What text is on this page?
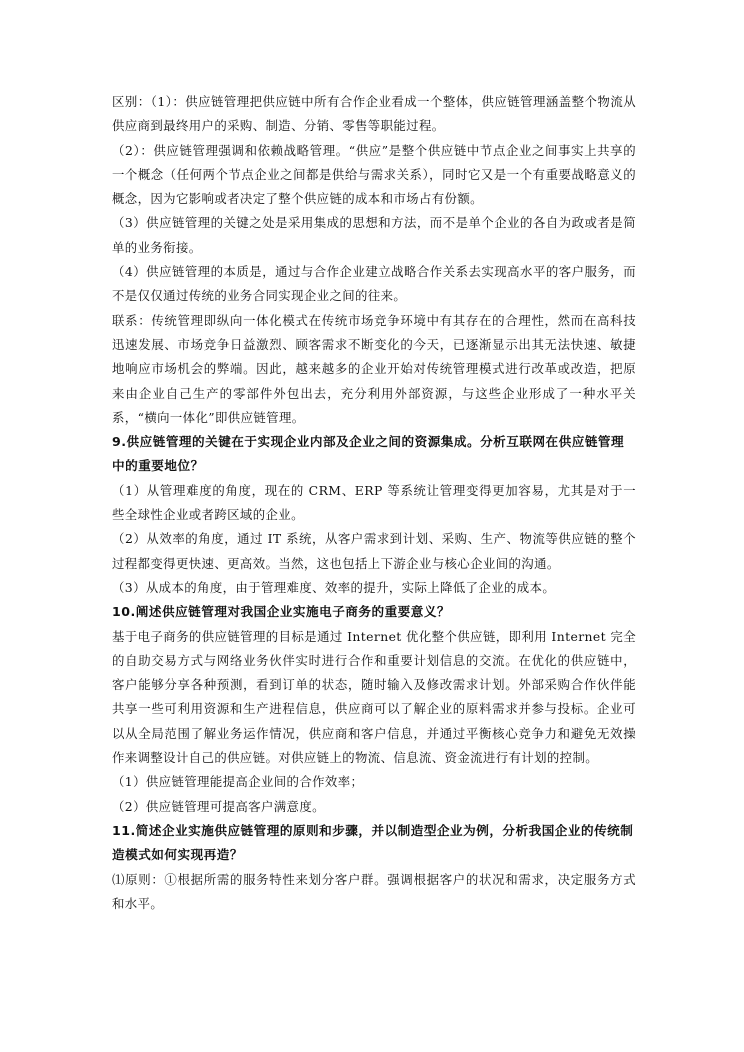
区别：（1）：供应链管理把供应链中所有合作企业看成一个整体，供应链管理涵盖整个物流从供应商到最终用户的采购、制造、分销、零售等职能过程。

（2）：供应链管理强调和依赖战略管理。“供应”是整个供应链中节点企业之间事实上共享的一个概念（任何两个节点企业之间都是供给与需求关系），同时它又是一个有重要战略意义的概念，因为它影响或者决定了整个供应链的成本和市场占有份额。

（3）供应链管理的关键之处是采用集成的思想和方法，而不是单个企业的各自为政或者是简单的业务衔接。

（4）供应链管理的本质是，通过与合作企业建立战略合作关系去实现高水平的客户服务，而不是仅仅通过传统的业务合同实现企业之间的往来。

联系：传统管理即纵向一体化模式在传统市场竞争环境中有其存在的合理性，然而在高科技迅速发展、市场竞争日益激烈、顾客需求不断变化的今天，已逐渐显示出其无法快速、敏捷地响应市场机会的弊端。因此，越来越多的企业开始对传统管理模式进行改革或改造，把原来由企业自己生产的零部件外包出去，充分利用外部资源，与这些企业形成了一种水平关系，“横向一体化”即供应链管理。

9.供应链管理的关键在于实现企业内部及企业之间的资源集成。分析互联网在供应链管理中的重要地位？

（1）从管理难度的角度，现在的 CRM、ERP 等系统让管理变得更加容易，尤其是对于一些全球性企业或者跨区域的企业。

（2）从效率的角度，通过 IT 系统，从客户需求到计划、采购、生产、物流等供应链的整个过程都变得更快速、更高效。当然，这也包括上下游企业与核心企业间的沟通。

（3）从成本的角度，由于管理难度、效率的提升，实际上降低了企业的成本。

10.阐述供应链管理对我国企业实施电子商务的重要意义？

基于电子商务的供应链管理的目标是通过 Internet 优化整个供应链，即利用 Internet 完全的自助交易方式与网络业务伙伴实时进行合作和重要计划信息的交流。在优化的供应链中，客户能够分享各种预测，看到订单的状态，随时输入及修改需求计划。外部采购合作伙伴能共享一些可利用资源和生产进程信息，供应商可以了解企业的原料需求并参与投标。企业可以从全局范围了解业务运作情况，供应商和客户信息，并通过平衡核心竞争力和避免无效操作来调整设计自己的供应链。对供应链上的物流、信息流、资金流进行有计划的控制。

（1）供应链管理能提高企业间的合作效率；

（2）供应链管理可提高客户满意度。

11.简述企业实施供应链管理的原则和步骤，并以制造型企业为例，分析我国企业的传统制造模式如何实现再造？

⑴原则：①根据所需的服务特性来划分客户群。强调根据客户的状况和需求，决定服务方式和水平。
